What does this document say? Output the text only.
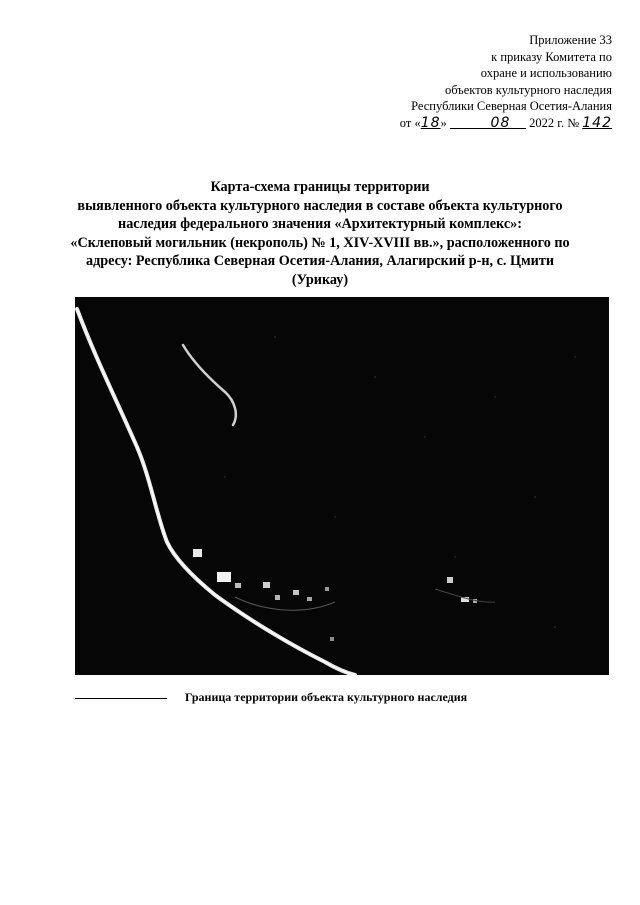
Приложение 33
к приказу Комитета по
охране и использованию
объектов культурного наследия
Республики Северная Осетия-Алания
от «18»	08      2022 г. № 142
Карта-схема границы территории
выявленного объекта культурного наследия в составе объекта культурного
наследия федерального значения «Архитектурный комплекс»:
«Склеповый могильник (некрополь) № 1, XIV-XVIII вв.», расположенного по
адресу: Республика Северная Осетия-Алания, Алагирский р-н, с. Цмити
(Урикау)
Граница территории объекта культурного наследия
